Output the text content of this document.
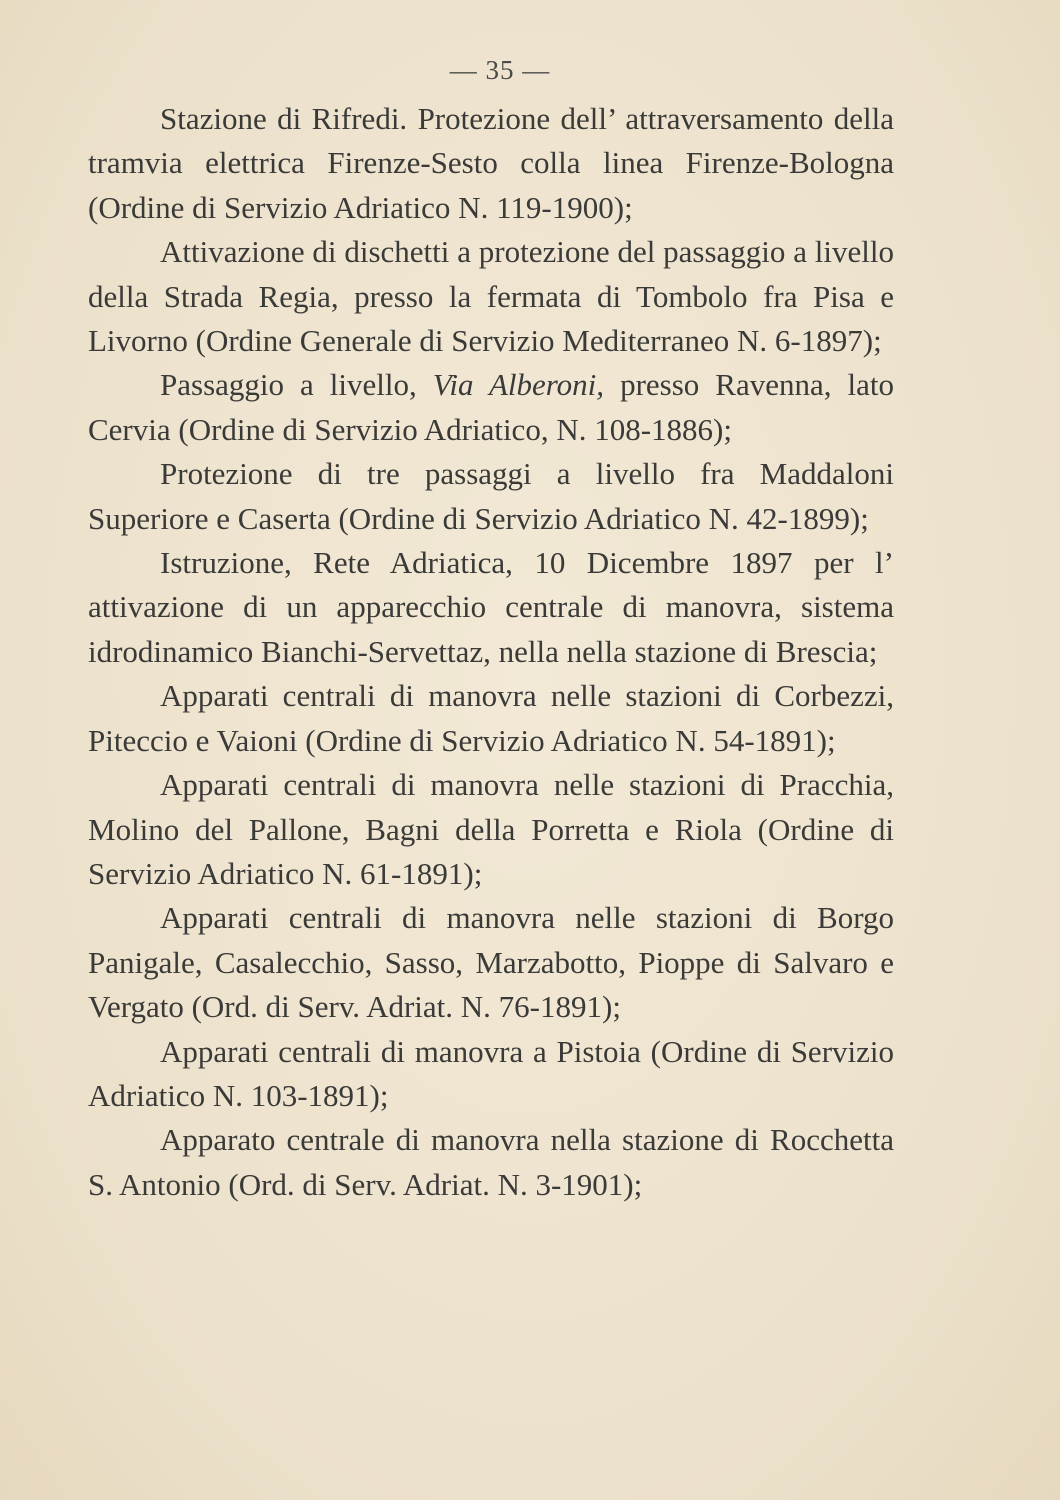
— 35 —

Stazione di Rifredi. Protezione dell’ attraversamento della tramvia elettrica Firenze-Sesto colla linea Firenze-Bologna (Ordine di Servizio Adriatico N. 119-1900);

Attivazione di dischetti a protezione del passaggio a livello della Strada Regia, presso la fermata di Tombolo fra Pisa e Livorno (Ordine Generale di Servizio Mediterraneo N. 6-1897);

Passaggio a livello, Via Alberoni, presso Ravenna, lato Cervia (Ordine di Servizio Adriatico, N. 108-1886);

Protezione di tre passaggi a livello fra Maddaloni Superiore e Caserta (Ordine di Servizio Adriatico N. 42-1899);

Istruzione, Rete Adriatica, 10 Dicembre 1897 per l’ attivazione di un apparecchio centrale di manovra, sistema idrodinamico Bianchi-Servettaz, nella nella stazione di Brescia;

Apparati centrali di manovra nelle stazioni di Corbezzi, Piteccio e Vaioni (Ordine di Servizio Adriatico N. 54-1891);

Apparati centrali di manovra nelle stazioni di Pracchia, Molino del Pallone, Bagni della Porretta e Riola (Ordine di Servizio Adriatico N. 61-1891);

Apparati centrali di manovra nelle stazioni di Borgo Panigale, Casalecchio, Sasso, Marzabotto, Pioppe di Salvaro e Vergato (Ord. di Serv. Adriat. N. 76-1891);

Apparati centrali di manovra a Pistoia (Ordine di Servizio Adriatico N. 103-1891);

Apparato centrale di manovra nella stazione di Rocchetta S. Antonio (Ord. di Serv. Adriat. N. 3-1901);
